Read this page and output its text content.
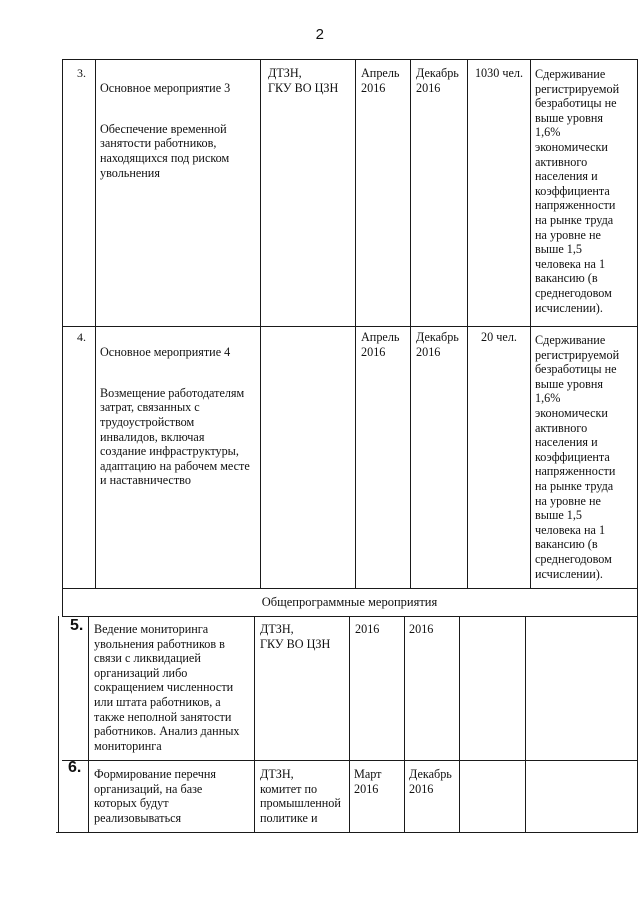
2
3.

Основное мероприятие 3

Обеспечение временной
занятости работников,
находящихся под риском
увольнения

ДТЗН,
ГКУ ВО ЦЗН
Апрель
2016
Декабрь
2016
1030 чел. Сдерживание
регистрируемой
безработицы не
выше уровня
1,6%
экономически
активного
населения и
коэффициента
напряженности
на рынке труда
на уровне не
выше 1,5
человека на 1
вакансию (в
среднегодовом
исчислении).
4.

Основное мероприятие 4

Возмещение работодателям
затрат, связанных с
трудоустройством
инвалидов, включая
создание инфраструктуры,
адаптацию на рабочем месте
и наставничество

Апрель
2016
Декабрь
2016
20 чел.	Сдерживание
регистрируемой
безработицы не
выше уровня
1,6%
экономически
активного
населения и
коэффициента
напряженности
на рынке труда
на уровне не
выше 1,5
человека на 1
вакансию (в
среднегодовом
исчислении).
Общепрограммные мероприятия
5. Ведение мониторинга
увольнения работников в
связи с ликвидацией
организаций либо
сокращением численности
или штата работников, а
также неполной занятости
работников. Анализ данных
мониторинга
ДТЗН,
ГКУ ВО ЦЗН
2016	2016
6. Формирование перечня
организаций, на базе
которых будут
реализовываться
ДТЗН,
комитет по
промышленной
политике и
Март
2016
Декабрь
2016
